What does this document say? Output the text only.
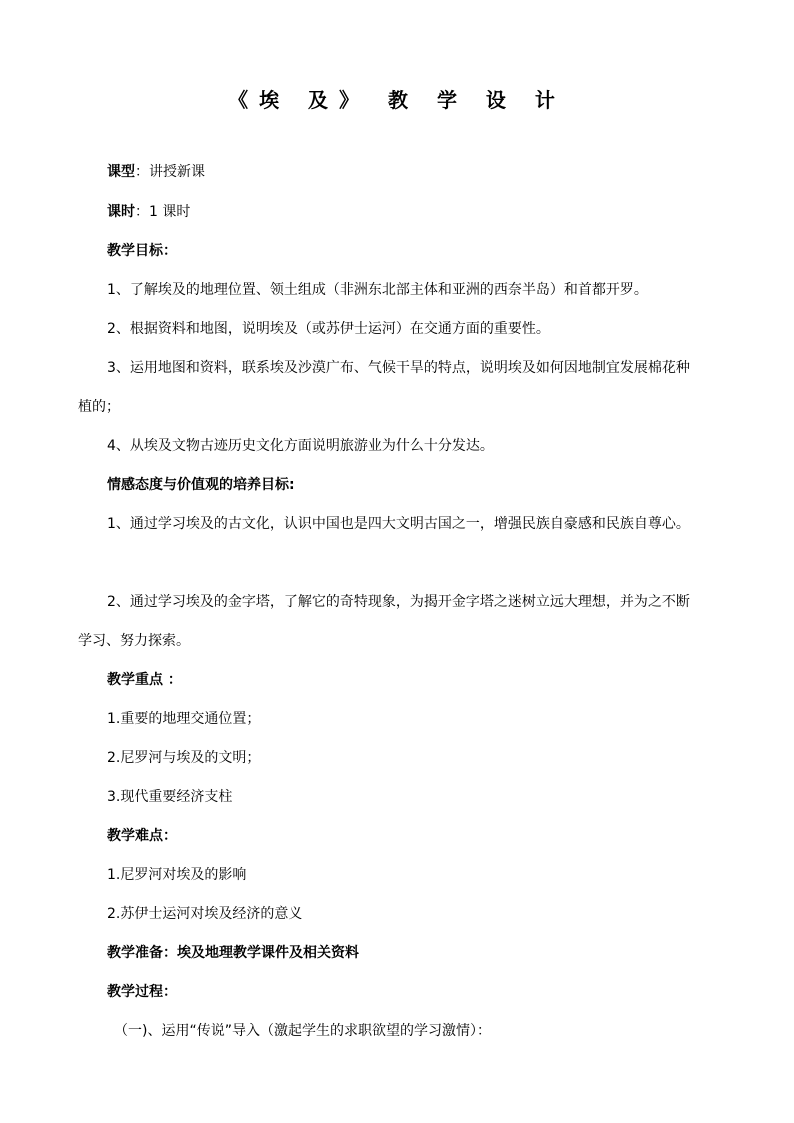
《埃 及》 教 学 设 计
课型：讲授新课
课时：1 课时
教学目标：
1、了解埃及的地理位置、领土组成（非洲东北部主体和亚洲的西奈半岛）和首都开罗。
2、根据资料和地图，说明埃及（或苏伊士运河）在交通方面的重要性。
3、运用地图和资料，联系埃及沙漠广布、气候干旱的特点，说明埃及如何因地制宜发展棉花种
植的；
4、从埃及文物古迹历史文化方面说明旅游业为什么十分发达。
情感态度与价值观的培养目标:
1、通过学习埃及的古文化，认识中国也是四大文明古国之一，增强民族自豪感和民族自尊心。
2、通过学习埃及的金字塔，了解它的奇特现象，为揭开金字塔之迷树立远大理想，并为之不断
学习、努力探索。
教学重点 ：
1.重要的地理交通位置；
2.尼罗河与埃及的文明；
3.现代重要经济支柱
教学难点：
1.尼罗河对埃及的影响
2.苏伊士运河对埃及经济的意义
教学准备：埃及地理教学课件及相关资料
教学过程：
（一)、运用“传说”导入（激起学生的求职欲望的学习激情）：
